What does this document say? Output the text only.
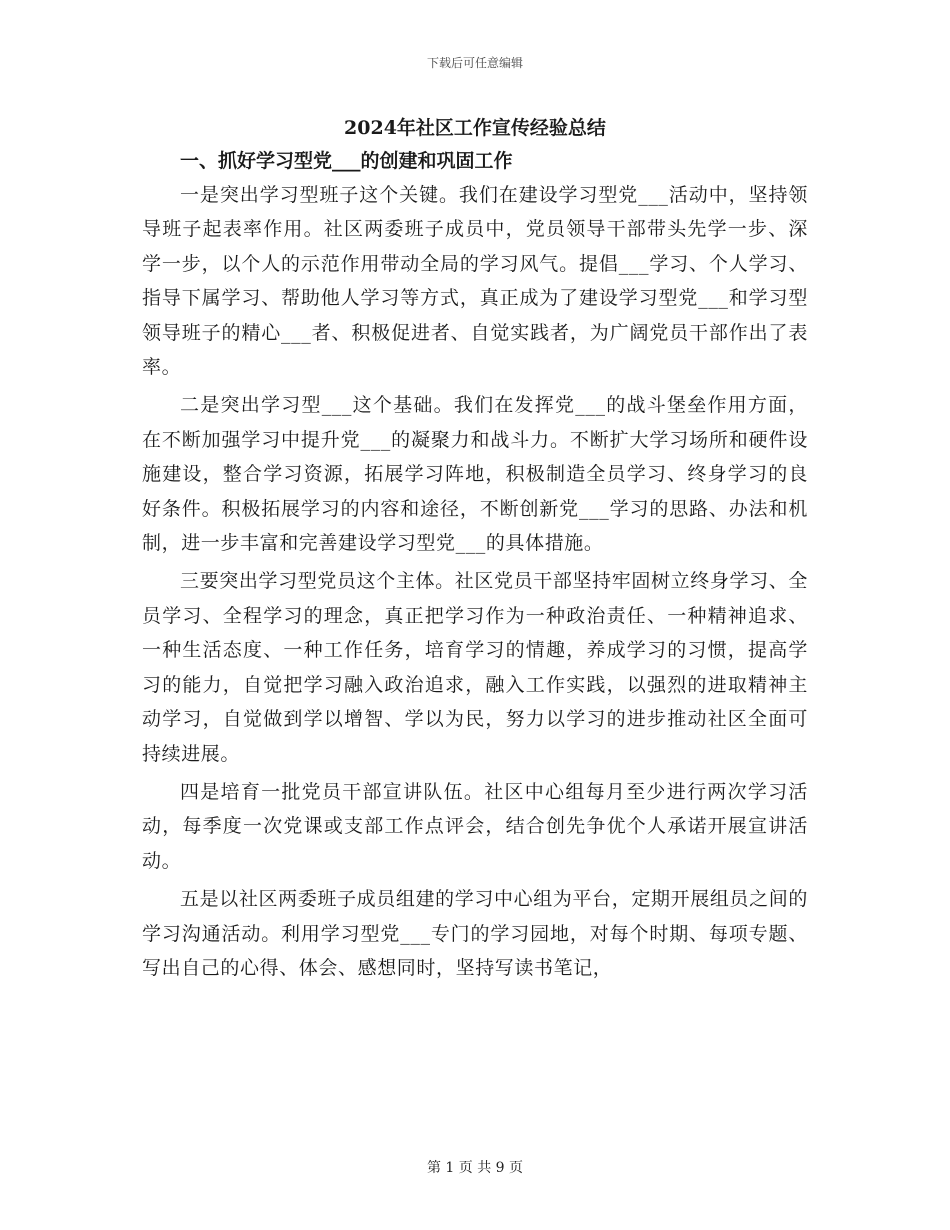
下载后可任意编辑
2024年社区工作宣传经验总结
一、抓好学习型党___的创建和巩固工作

一是突出学习型班子这个关键。我们在建设学习型党___活动中，坚持领导班子起表率作用。社区两委班子成员中，党员领导干部带头先学一步、深学一步，以个人的示范作用带动全局的学习风气。提倡___学习、个人学习、指导下属学习、帮助他人学习等方式，真正成为了建设学习型党___和学习型领导班子的精心___者、积极促进者、自觉实践者，为广阔党员干部作出了表率。

二是突出学习型___这个基础。我们在发挥党___的战斗堡垒作用方面，在不断加强学习中提升党___的凝聚力和战斗力。不断扩大学习场所和硬件设施建设，整合学习资源，拓展学习阵地，积极制造全员学习、终身学习的良好条件。积极拓展学习的内容和途径，不断创新党___学习的思路、办法和机制，进一步丰富和完善建设学习型党___的具体措施。

三要突出学习型党员这个主体。社区党员干部坚持牢固树立终身学习、全员学习、全程学习的理念，真正把学习作为一种政治责任、一种精神追求、一种生活态度、一种工作任务，培育学习的情趣，养成学习的习惯，提高学习的能力，自觉把学习融入政治追求，融入工作实践，以强烈的进取精神主动学习，自觉做到学以增智、学以为民，努力以学习的进步推动社区全面可持续进展。

四是培育一批党员干部宣讲队伍。社区中心组每月至少进行两次学习活动，每季度一次党课或支部工作点评会，结合创先争优个人承诺开展宣讲活动。

五是以社区两委班子成员组建的学习中心组为平台，定期开展组员之间的学习沟通活动。利用学习型党___专门的学习园地，对每个时期、每项专题、写出自己的心得、体会、感想同时，坚持写读书笔记，

第 1 页 共 9 页
